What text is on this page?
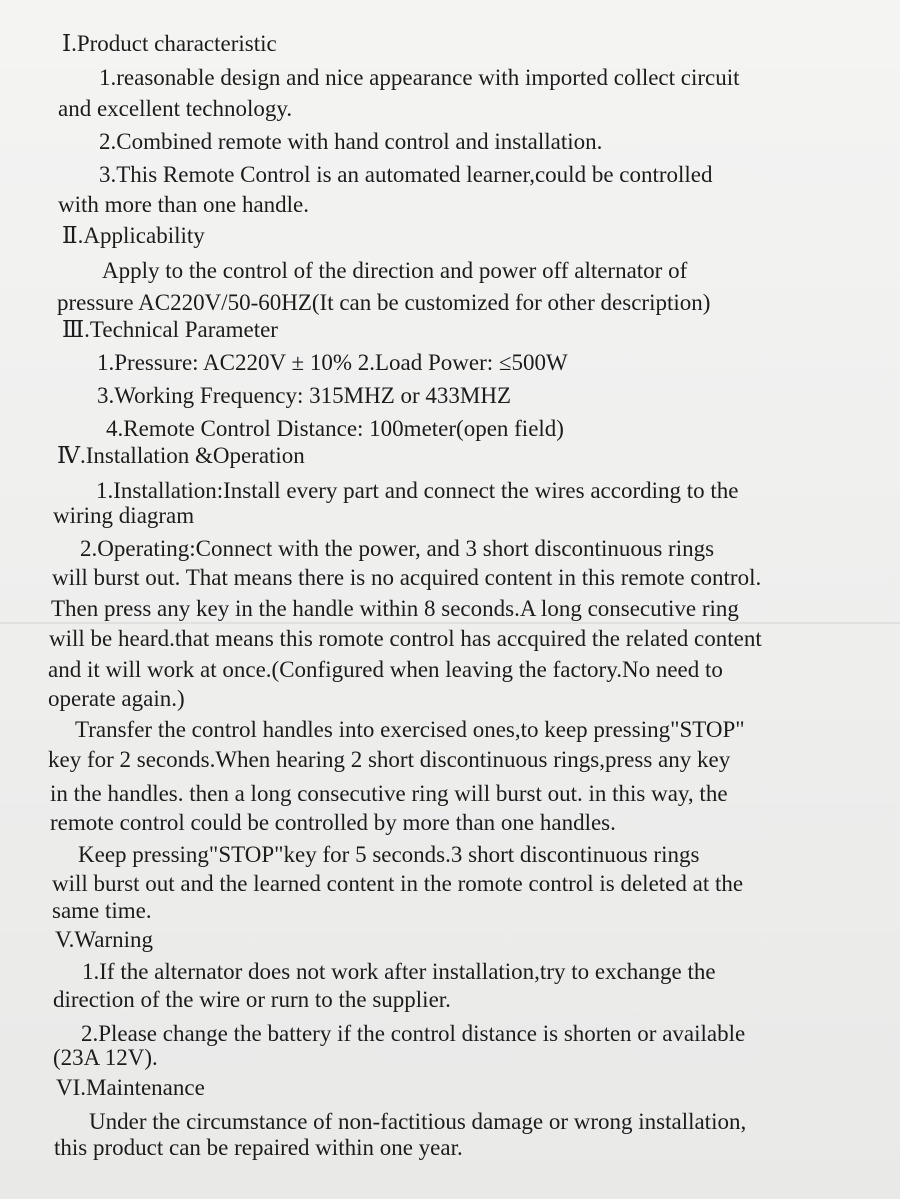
Ⅰ.Product characteristic
1.reasonable design and nice appearance with imported collect circuit
and excellent technology.
2.Combined remote with hand control and installation.
3.This Remote Control is an automated learner,could be controlled
with more than one handle.
Ⅱ.Applicability
Apply to the control of the direction and power off alternator of
pressure AC220V/50-60HZ(It can be customized for other description)
Ⅲ.Technical Parameter
1.Pressure: AC220V ± 10% 2.Load Power: ≤500W
3.Working Frequency: 315MHZ or 433MHZ
4.Remote Control Distance: 100meter(open field)
Ⅳ.Installation &Operation
1.Installation:Install every part and connect the wires according to the
wiring diagram
2.Operating:Connect with the power, and 3 short discontinuous rings
will burst out. That means there is no acquired content in this remote control.
Then press any key in the handle within 8 seconds.A long consecutive ring
will be heard.that means this romote control has accquired the related content
and it will work at once.(Configured when leaving the factory.No need to
operate again.)
Transfer the control handles into exercised ones,to keep pressing"STOP"
key for 2 seconds.When hearing 2 short discontinuous rings,press any key
in the handles. then a long consecutive ring will burst out. in this way, the
remote control could be controlled by more than one handles.
Keep pressing"STOP"key for 5 seconds.3 short discontinuous rings
will burst out and the learned content in the romote control is deleted at the
same time.
V.Warning
1.If the alternator does not work after installation,try to exchange the
direction of the wire or rurn to the supplier.
2.Please change the battery if the control distance is shorten or available
(23A 12V).
VI.Maintenance
Under the circumstance of non-factitious damage or wrong installation,
this product can be repaired within one year.
